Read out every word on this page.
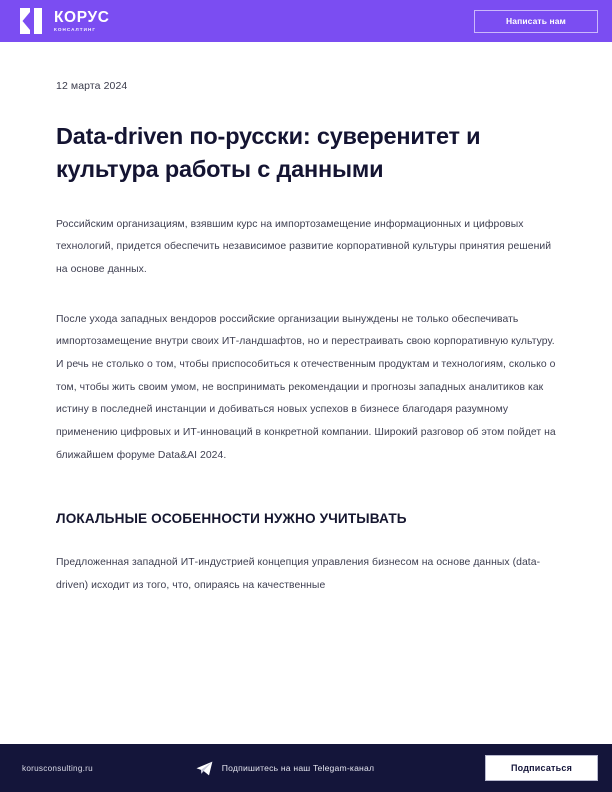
КОРУС
КОНСАЛТИНГ
Написать нам
12 марта 2024
Data-driven по-русски: суверенитет и культура работы с данными

Российским организациям, взявшим курс на импортозамещение информационных и цифровых технологий, придется обеспечить независимое развитие корпоративной культуры принятия решений на основе данных.

После ухода западных вендоров российские организации вынуждены не только обеспечивать импортозамещение внутри своих ИТ-ландшафтов, но и перестраивать свою корпоративную культуру. И речь не столько о том, чтобы приспособиться к отечественным продуктам и технологиям, сколько о том, чтобы жить своим умом, не воспринимать рекомендации и прогнозы западных аналитиков как истину в последней инстанции и добиваться новых успехов в бизнесе благодаря разумному применению цифровых и ИТ-инноваций в конкретной компании. Широкий разговор об этом пойдет на ближайшем форуме Data&AI 2024.

ЛОКАЛЬНЫЕ ОСОБЕННОСТИ НУЖНО УЧИТЫВАТЬ

Предложенная западной ИТ-индустрией концепция управления бизнесом на основе данных (data-driven) исходит из того, что, опираясь на качественные

korusconsulting.ru	Подпишитесь на наш Telegam-канал	Подписаться
